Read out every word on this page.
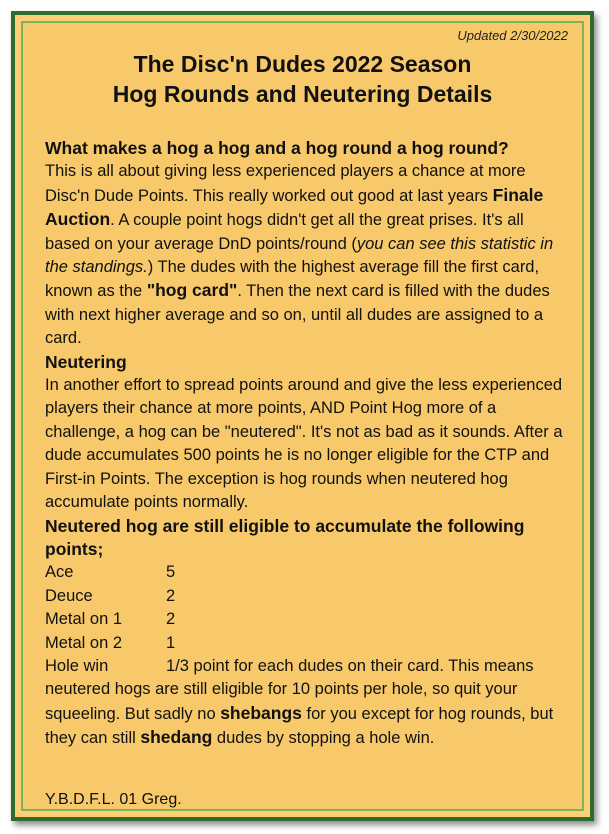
Updated 2/30/2022
The Disc'n Dudes 2022 Season
Hog Rounds and Neutering Details

What makes a hog a hog and a hog round a hog round?

This is all about giving less experienced players a chance at more Disc'n Dude Points. This really worked out good at last years Finale Auction. A couple point hogs didn't get all the great prises. It's all based on your average DnD points/round (you can see this statistic in the standings.) The dudes with the highest average fill the first card, known as the "hog card". Then the next card is filled with the dudes with next higher average and so on, until all dudes are assigned to a card.

Neutering

In another effort to spread points around and give the less experienced players their chance at more points, AND Point Hog more of a challenge, a hog can be "neutered". It's not as bad as it sounds. After a dude accumulates 500 points he is no longer eligible for the CTP and First-in Points. The exception is hog rounds when neutered hog accumulate points normally.

Neutered hog are still eligible to accumulate the following points;

Ace	5
Deuce	2
Metal on 1	2
Metal on 2	1

Hole win	1/3 point for each dudes on their card. This means neutered hogs are still eligible for 10 points per hole, so quit your squeeling. But sadly no shebangs for you except for hog rounds, but they can still shedang dudes by stopping a hole win.

Y.B.D.F.L. 01 Greg.
